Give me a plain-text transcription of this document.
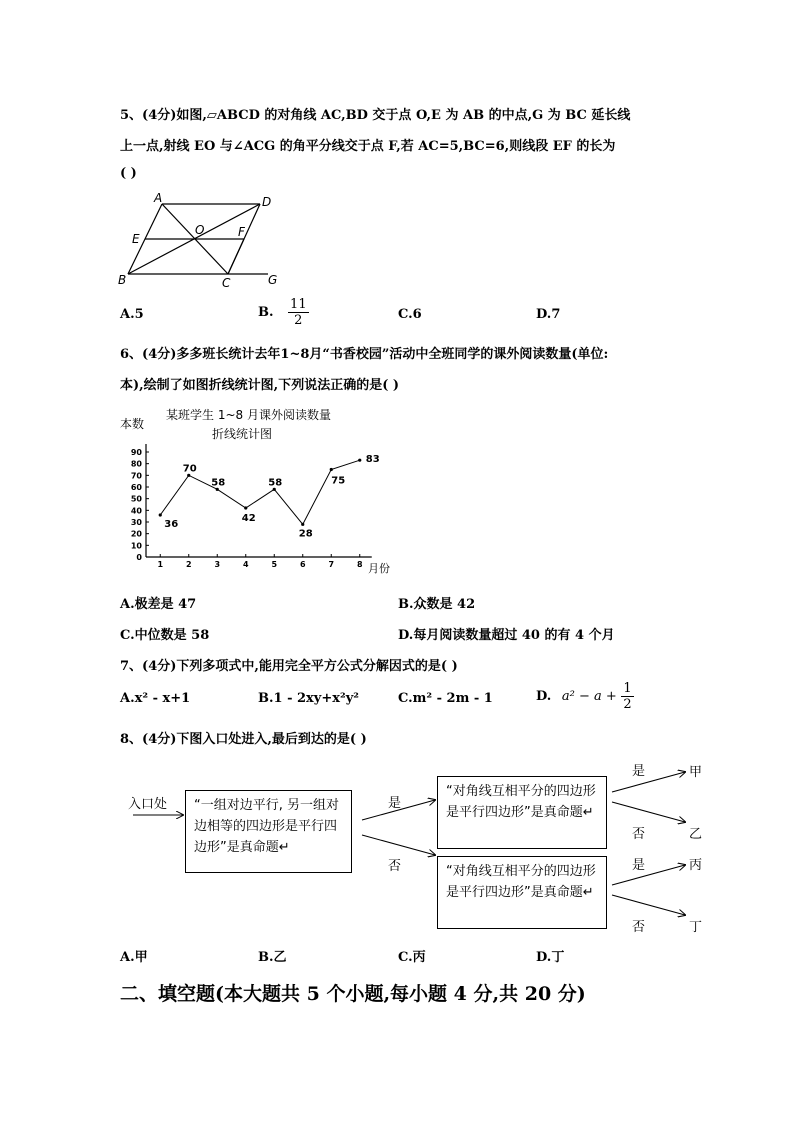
5、(4分)如图,▱ABCD 的对角线 AC,BD 交于点 O,E 为 AB 的中点,G 为 BC 延长线
上一点,射线 EO 与∠ACG 的角平分线交于点 F,若 AC=5,BC=6,则线段 EF 的长为
( )
A	D
E
O	F
B	C	G
A.5	B. $\frac{11}{2}$	C.6	D.7
6、(4分)多多班长统计去年1~8月“书香校园”活动中全班同学的课外阅读数量(单位:
本),绘制了如图折线统计图,下列说法正确的是( )
本数
某班学生 1~8 月课外阅读数量
折线统计图
月份
0
10
20
30
40
50
60
70
80
90
1	2	3	4	5	6	7	8
36
70
58
42
58
28
75
83
A.极差是 47	B.众数是 42
C.中位数是 58	D.每月阅读数量超过 40 的有 4 个月
7、(4分)下列多项式中,能用完全平方公式分解因式的是( )
A.x² - x+1	B.1 - 2xy+x²y²	C.m² - 2m - 1	D. $a^2 - a + \frac{1}{2}$
8、(4分)下图入口处进入,最后到达的是( )
入口处	“一组对边平行, 另一组对边相等的四边形是平行四边形”是真命题↵
是
否
“对角线互相平分的四边形是平行四边形”是真命题↵
“对角线互相平分的四边形是平行四边形”是真命题↵
是
否
是
否
甲
乙
丙
丁
A.甲	B.乙	C.丙	D.丁
二、填空题(本大题共 5 个小题,每小题 4 分,共 20 分)
